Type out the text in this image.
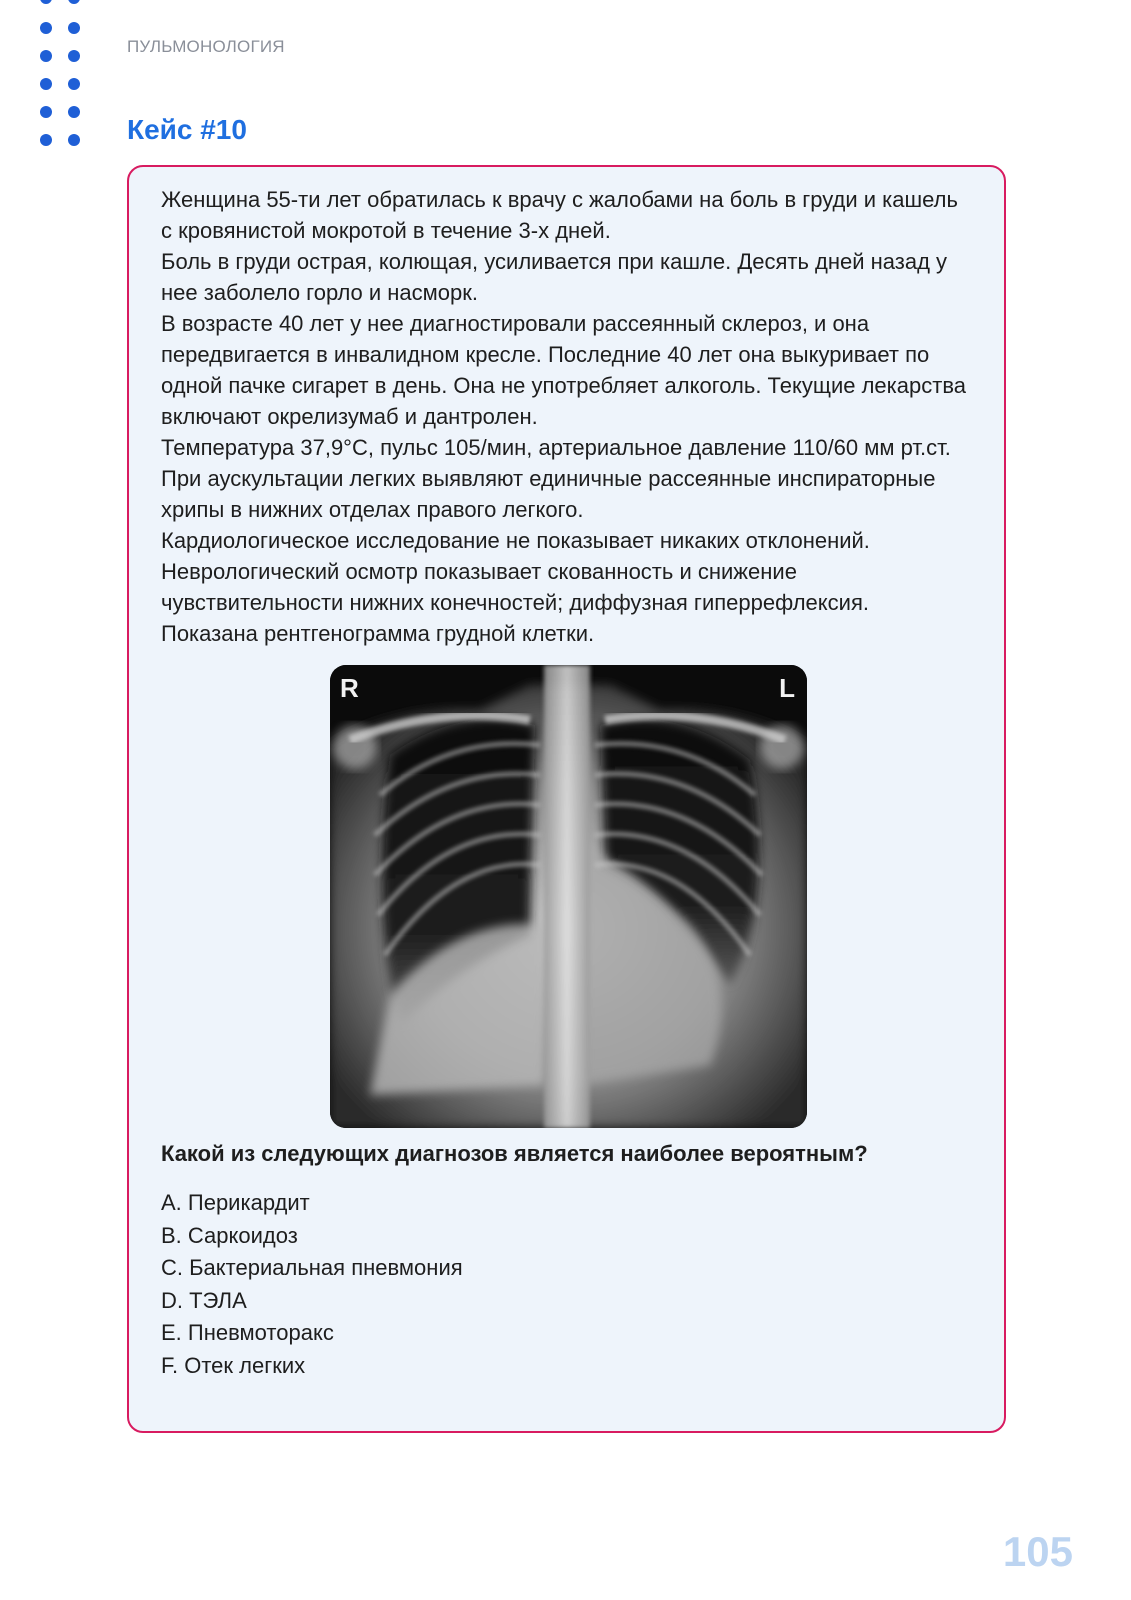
ПУЛЬМОНОЛОГИЯ
Кейс #10

Женщина 55-ти лет обратилась к врачу с жалобами на боль в груди и кашель с кровянистой мокротой в течение 3-х дней.

Боль в груди острая, колющая, усиливается при кашле. Десять дней назад у нее заболело горло и насморк.

В возрасте 40 лет у нее диагностировали рассеянный склероз, и она передвигается в инвалидном кресле. Последние 40 лет она выкуривает по одной пачке сигарет в день. Она не употребляет алкоголь. Текущие лекарства включают окрелизумаб и дантролен.

Температура 37,9°C, пульс 105/мин, артериальное давление 110/60 мм рт.ст.

При аускультации легких выявляют единичные рассеянные инспираторные хрипы в нижних отделах правого легкого.

Кардиологическое исследование не показывает никаких отклонений.

Неврологический осмотр показывает скованность и снижение чувствительности нижних конечностей; диффузная гиперрефлексия.

Показана рентгенограмма грудной клетки.

R	L

Какой из следующих диагнозов является наиболее вероятным?

A. Перикардит
B. Саркоидоз
C. Бактериальная пневмония
D. ТЭЛА
E. Пневмоторакс
F. Отек легких
105
